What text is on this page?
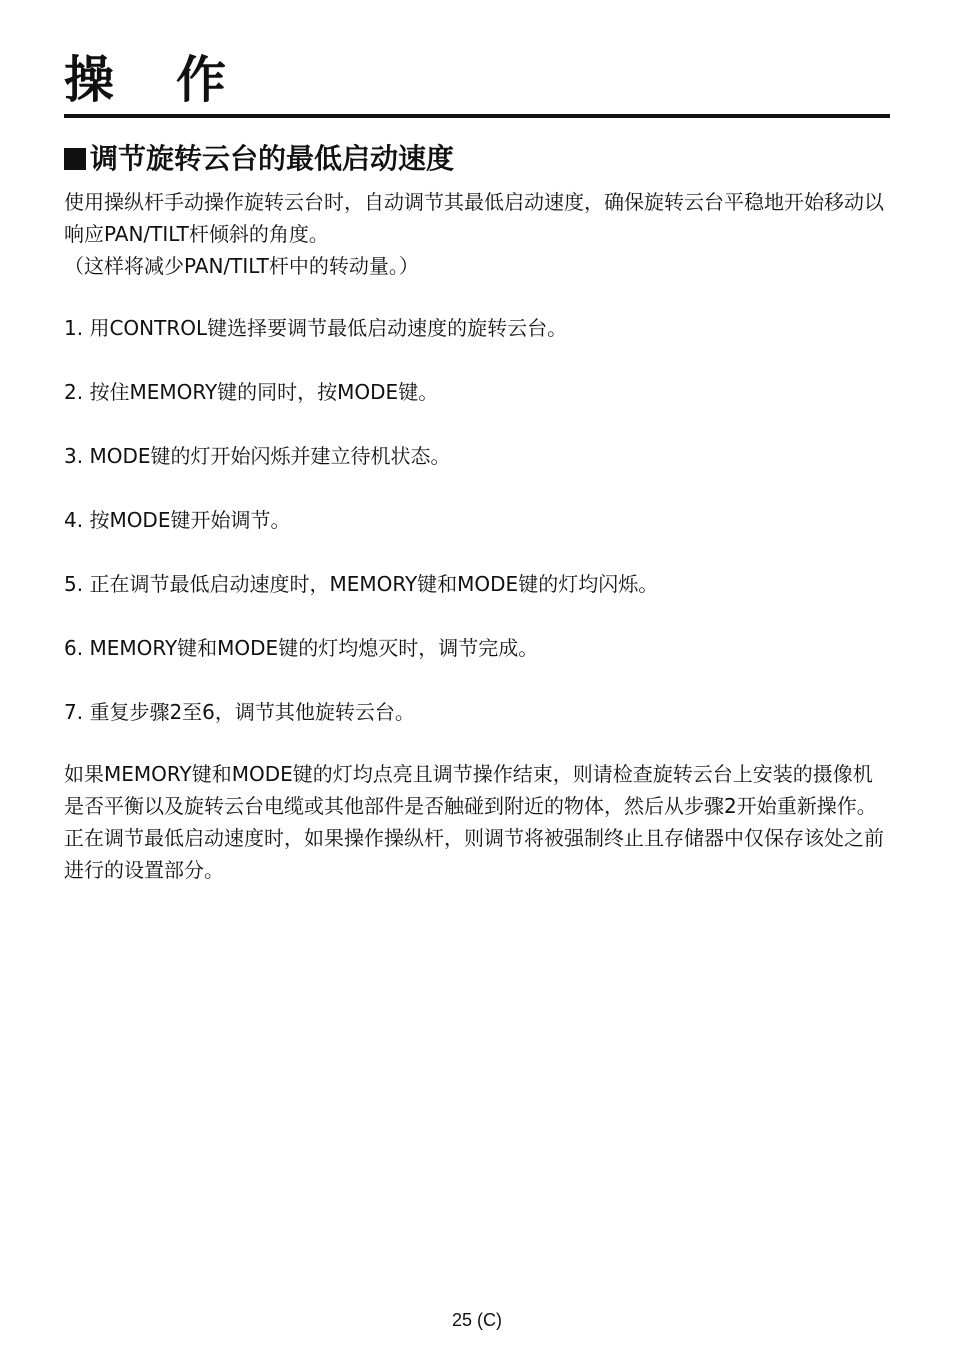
操作
调节旋转云台的最低启动速度

使用操纵杆手动操作旋转云台时，自动调节其最低启动速度，确保旋转云台平稳地开始移动以响应PAN/TILT杆倾斜的角度。

（这样将减少PAN/TILT杆中的转动量。）

1. 用CONTROL键选择要调节最低启动速度的旋转云台。
2. 按住MEMORY键的同时，按MODE键。
3. MODE键的灯开始闪烁并建立待机状态。
4. 按MODE键开始调节。
5. 正在调节最低启动速度时，MEMORY键和MODE键的灯均闪烁。
6. MEMORY键和MODE键的灯均熄灭时，调节完成。
7. 重复步骤2至6，调节其他旋转云台。

如果MEMORY键和MODE键的灯均点亮且调节操作结束，则请检查旋转云台上安装的摄像机是否平衡以及旋转云台电缆或其他部件是否触碰到附近的物体，然后从步骤2开始重新操作。

正在调节最低启动速度时，如果操作操纵杆，则调节将被强制终止且存储器中仅保存该处之前进行的设置部分。

25 (C)
